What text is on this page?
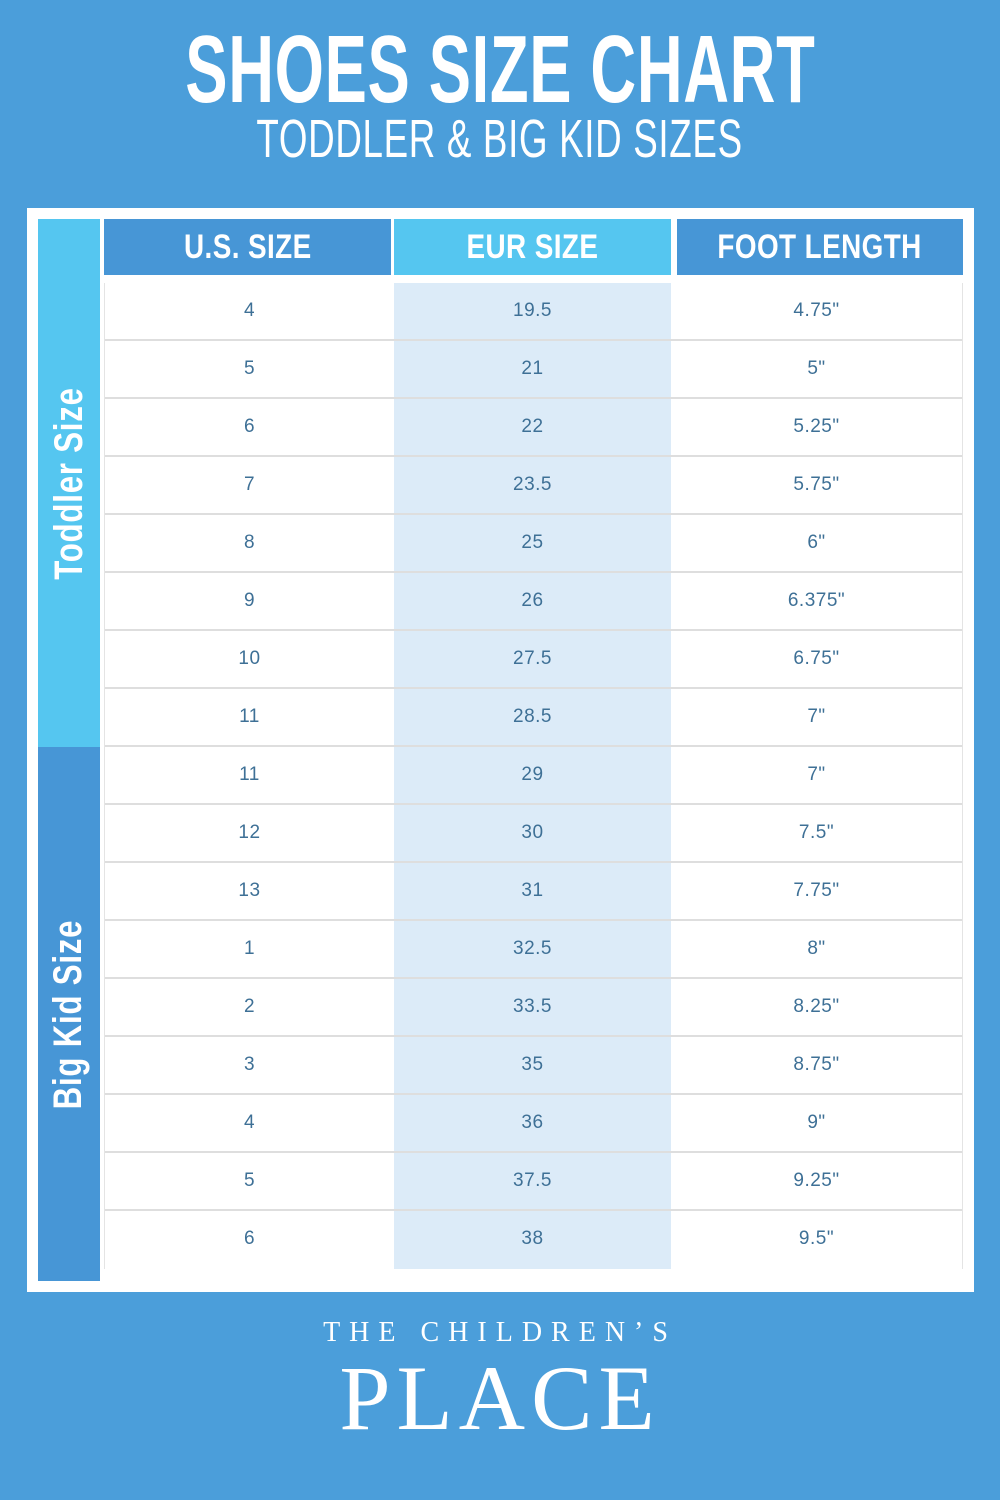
SHOES SIZE CHART
TODDLER & BIG KID SIZES
Toddler Size
Big Kid Size
U.S. SIZE	EUR SIZE	FOOT LENGTH
4	19.5	4.75"
5	21	5"
6	22	5.25"
7	23.5	5.75"
8	25	6"
9	26	6.375"
10	27.5	6.75"
11	28.5	7"
11	29	7"
12	30	7.5"
13	31	7.75"
1	32.5	8"
2	33.5	8.25"
3	35	8.75"
4	36	9"
5	37.5	9.25"
6	38	9.5"
THE CHILDREN’S
PLACE
